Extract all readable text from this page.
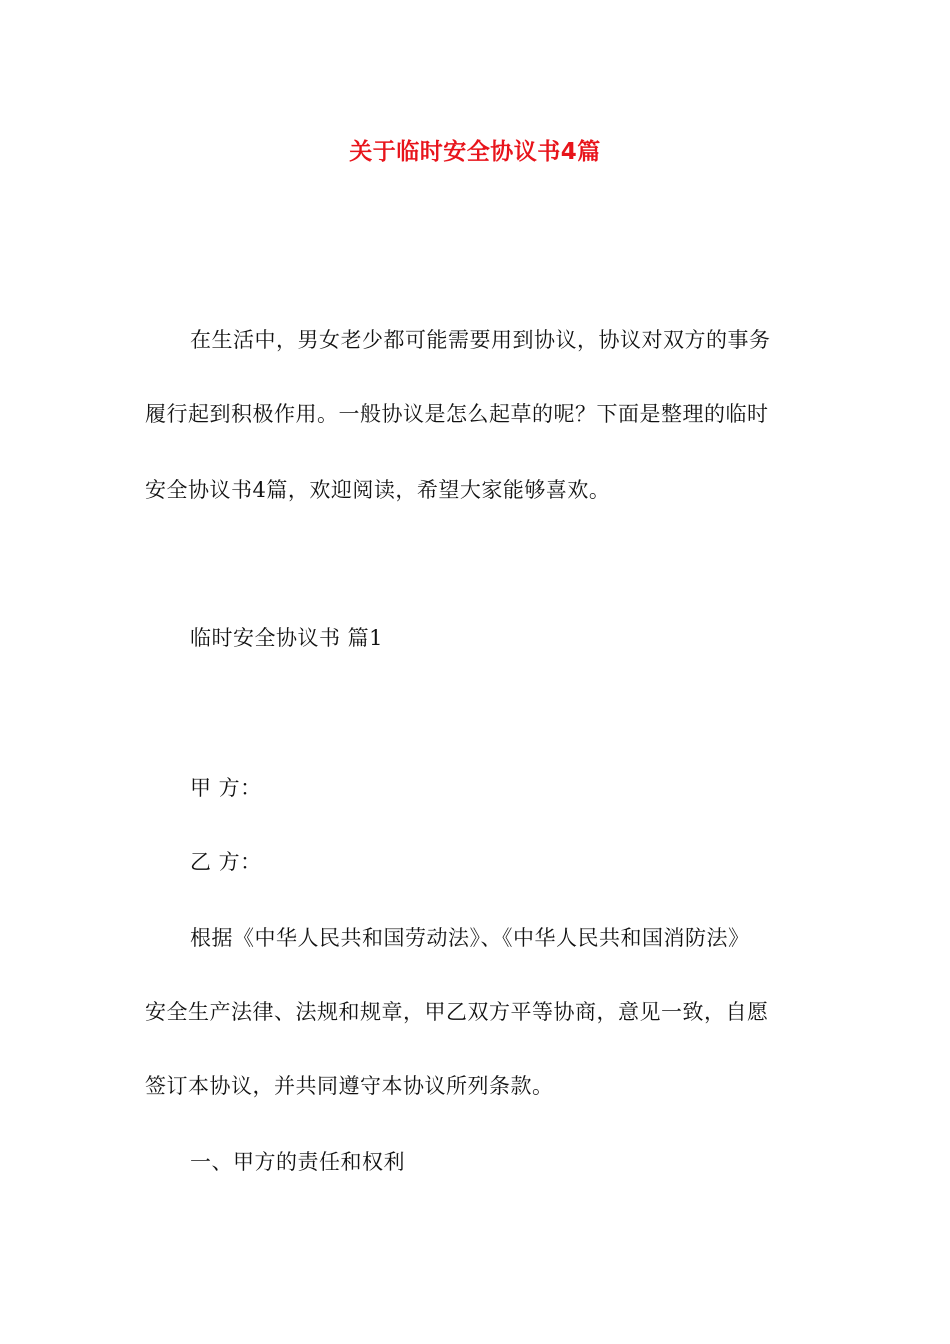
关于临时安全协议书4篇
在生活中，男女老少都可能需要用到协议，协议对双方的事务
履行起到积极作用。一般协议是怎么起草的呢？下面是整理的临时
安全协议书4篇，欢迎阅读，希望大家能够喜欢。
临时安全协议书 篇1
甲 方：
乙 方：
根据《中华人民共和国劳动法》、《中华人民共和国消防法》
安全生产法律、法规和规章，甲乙双方平等协商，意见一致，自愿
签订本协议，并共同遵守本协议所列条款。
一、甲方的责任和权利
